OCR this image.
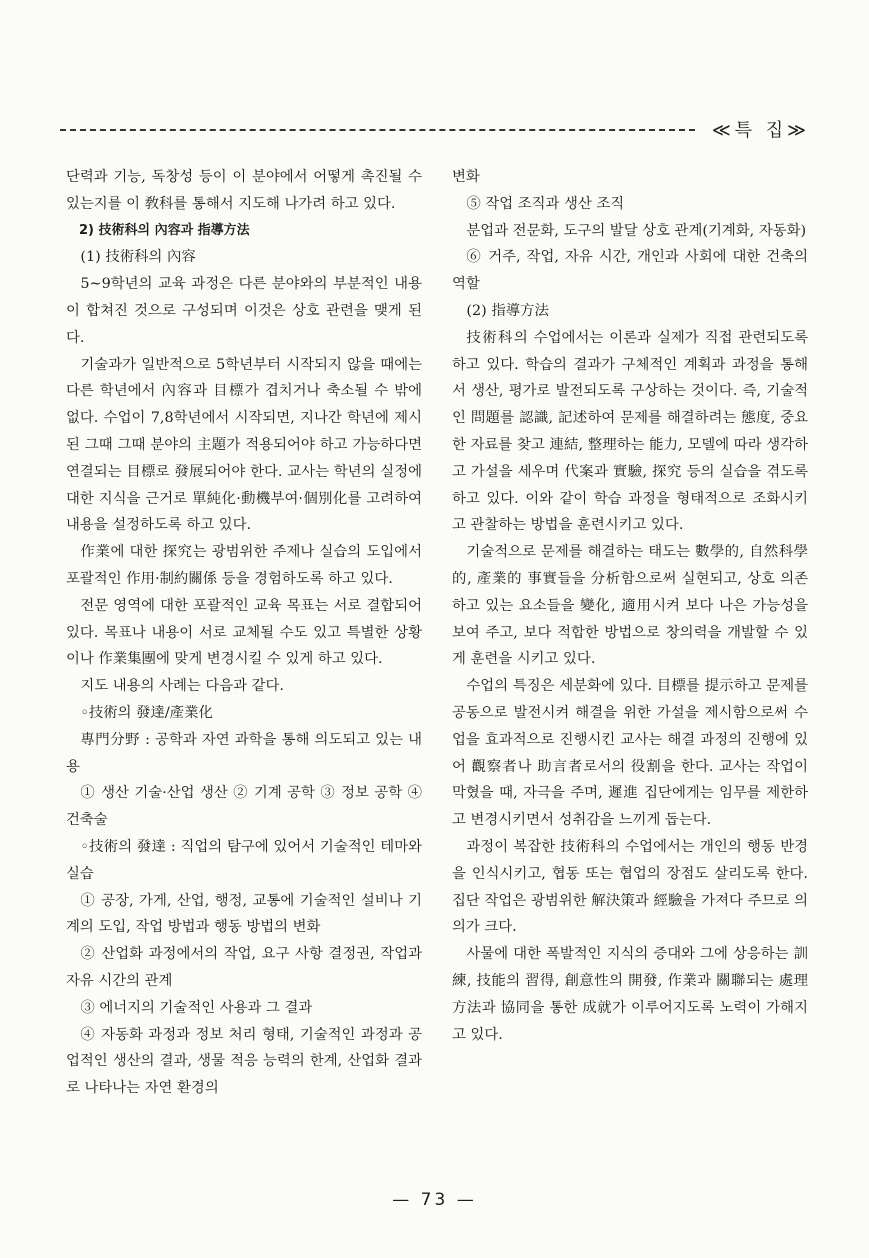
≪특 집≫

단력과 기능, 독창성 등이 이 분야에서 어떻게 촉진될 수 있는지를 이 敎科를 통해서 지도해 나가려 하고 있다.

2) 技術科의 內容과 指導方法

(1) 技術科의 內容

5∼9학년의 교육 과정은 다른 분야와의 부분적인 내용이 합쳐진 것으로 구성되며 이것은 상호 관련을 맺게 된다.

기술과가 일반적으로 5학년부터 시작되지 않을 때에는 다른 학년에서 內容과 目標가 겹치거나 축소될 수 밖에 없다. 수업이 7,8학년에서 시작되면, 지나간 학년에 제시된 그때 그때 분야의 主題가 적용되어야 하고 가능하다면 연결되는 目標로 發展되어야 한다. 교사는 학년의 실정에 대한 지식을 근거로 單純化·動機부여·個別化를 고려하여 내용을 설정하도록 하고 있다.

作業에 대한 探究는 광범위한 주제나 실습의 도입에서 포괄적인 作用·制約關係 등을 경험하도록 하고 있다.

전문 영역에 대한 포괄적인 교육 목표는 서로 결합되어 있다. 목표나 내용이 서로 교체될 수도 있고 특별한 상황이나 作業集團에 맞게 변경시킬 수 있게 하고 있다.

지도 내용의 사례는 다음과 같다.

◦技術의 發達/產業化

專門分野 : 공학과 자연 과학을 통해 의도되고 있는 내용

① 생산 기술·산업 생산 ② 기계 공학 ③ 정보 공학 ④ 건축술

◦技術의 發達 : 직업의 탐구에 있어서 기술적인 테마와 실습

① 공장, 가게, 산업, 행정, 교통에 기술적인 설비나 기계의 도입, 작업 방법과 행동 방법의 변화

② 산업화 과정에서의 작업, 요구 사항 결정권, 작업과 자유 시간의 관계

③ 에너지의 기술적인 사용과 그 결과

④ 자동화 과정과 정보 처리 형태, 기술적인 과정과 공업적인 생산의 결과, 생물 적응 능력의 한계, 산업화 결과로 나타나는 자연 환경의

변화

⑤ 작업 조직과 생산 조직

분업과 전문화, 도구의 발달 상호 관계(기계화, 자동화)

⑥ 거주, 작업, 자유 시간, 개인과 사회에 대한 건축의 역할

(2) 指導方法

技術科의 수업에서는 이론과 실제가 직접 관련되도록 하고 있다. 학습의 결과가 구체적인 계획과 과정을 통해서 생산, 평가로 발전되도록 구상하는 것이다. 즉, 기술적인 問題를 認識, 記述하여 문제를 해결하려는 態度, 중요한 자료를 찾고 連結, 整理하는 能力, 모델에 따라 생각하고 가설을 세우며 代案과 實驗, 探究 등의 실습을 겪도록 하고 있다. 이와 같이 학습 과정을 형태적으로 조화시키고 관찰하는 방법을 훈련시키고 있다.

기술적으로 문제를 해결하는 태도는 數學的, 自然科學的, 產業的 事實들을 分析함으로써 실현되고, 상호 의존하고 있는 요소들을 變化, 適用시켜 보다 나은 가능성을 보여 주고, 보다 적합한 방법으로 창의력을 개발할 수 있게 훈련을 시키고 있다.

수업의 특징은 세분화에 있다. 目標를 提示하고 문제를 공동으로 발전시켜 해결을 위한 가설을 제시함으로써 수업을 효과적으로 진행시킨 교사는 해결 과정의 진행에 있어 觀察者나 助言者로서의 役割을 한다. 교사는 작업이 막혔을 때, 자극을 주며, 遲進 집단에게는 임무를 제한하고 변경시키면서 성취감을 느끼게 돕는다.

과정이 복잡한 技術科의 수업에서는 개인의 행동 반경을 인식시키고, 협동 또는 협업의 장점도 살리도록 한다. 집단 작업은 광범위한 解決策과 經驗을 가져다 주므로 의의가 크다.

사물에 대한 폭발적인 지식의 증대와 그에 상응하는 訓練, 技能의 習得, 創意性의 開發, 作業과 關聯되는 處理方法과 協同을 통한 成就가 이루어지도록 노력이 가해지고 있다.

— 73 —
